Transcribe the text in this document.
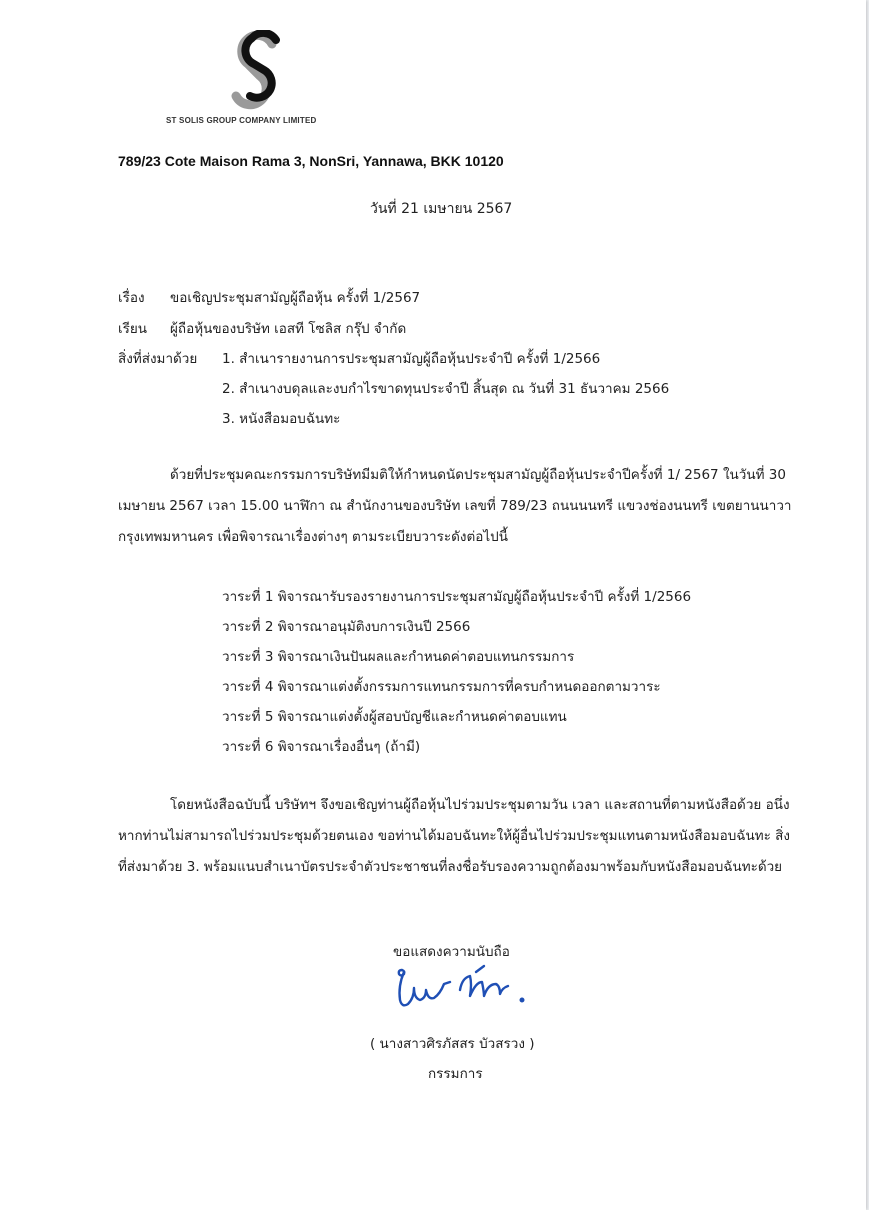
ST SOLIS GROUP COMPANY LIMITED
789/23 Cote Maison Rama 3, NonSri, Yannawa, BKK 10120
วันที่ 21 เมษายน 2567
เรื่อง ขอเชิญประชุมสามัญผู้ถือหุ้น ครั้งที่ 1/2567
เรียน ผู้ถือหุ้นของบริษัท เอสที โซลิส กรุ๊ป จำกัด
สิ่งที่ส่งมาด้วย 1. สำเนารายงานการประชุมสามัญผู้ถือหุ้นประจำปี ครั้งที่ 1/2566
2. สำเนางบดุลและงบกำไรขาดทุนประจำปี สิ้นสุด ณ วันที่ 31 ธันวาคม 2566
3. หนังสือมอบฉันทะ
ด้วยที่ประชุมคณะกรรมการบริษัทมีมติให้กำหนดนัดประชุมสามัญผู้ถือหุ้นประจำปีครั้งที่ 1/ 2567 ในวันที่ 30 เมษายน 2567 เวลา 15.00 นาฬิกา ณ สำนักงานของบริษัท เลขที่ 789/23 ถนนนนทรี แขวงช่องนนทรี เขตยานนาวา กรุงเทพมหานคร เพื่อพิจารณาเรื่องต่างๆ ตามระเบียบวาระดังต่อไปนี้
วาระที่ 1 พิจารณารับรองรายงานการประชุมสามัญผู้ถือหุ้นประจำปี ครั้งที่ 1/2566
วาระที่ 2 พิจารณาอนุมัติงบการเงินปี 2566
วาระที่ 3 พิจารณาเงินปันผลและกำหนดค่าตอบแทนกรรมการ
วาระที่ 4 พิจารณาแต่งตั้งกรรมการแทนกรรมการที่ครบกำหนดออกตามวาระ
วาระที่ 5 พิจารณาแต่งตั้งผู้สอบบัญชีและกำหนดค่าตอบแทน
วาระที่ 6 พิจารณาเรื่องอื่นๆ (ถ้ามี)
โดยหนังสือฉบับนี้ บริษัทฯ จึงขอเชิญท่านผู้ถือหุ้นไปร่วมประชุมตามวัน เวลา และสถานที่ตามหนังสือด้วย อนึ่งหากท่านไม่สามารถไปร่วมประชุมด้วยตนเอง ขอท่านได้มอบฉันทะให้ผู้อื่นไปร่วมประชุมแทนตามหนังสือมอบฉันทะ สิ่งที่ส่งมาด้วย 3. พร้อมแนบสำเนาบัตรประจำตัวประชาชนที่ลงชื่อรับรองความถูกต้องมาพร้อมกับหนังสือมอบฉันทะด้วย
ขอแสดงความนับถือ
( นางสาวศิรภัสสร บัวสรวง )
กรรมการ
